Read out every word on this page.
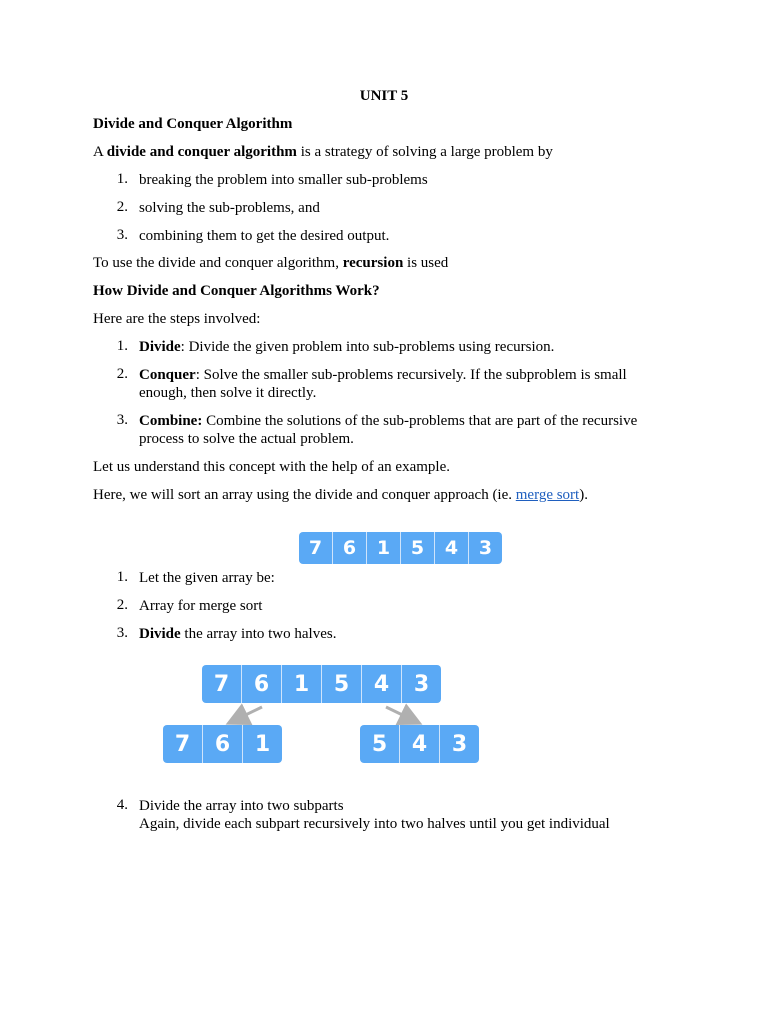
UNIT 5
Divide and Conquer Algorithm
A divide and conquer algorithm is a strategy of solving a large problem by
1. breaking the problem into smaller sub-problems
2. solving the sub-problems, and
3. combining them to get the desired output.
To use the divide and conquer algorithm, recursion is used
How Divide and Conquer Algorithms Work?
Here are the steps involved:
1. Divide: Divide the given problem into sub-problems using recursion.
2. Conquer: Solve the smaller sub-problems recursively. If the subproblem is small enough, then solve it directly.
3. Combine: Combine the solutions of the sub-problems that are part of the recursive process to solve the actual problem.
Let us understand this concept with the help of an example.
Here, we will sort an array using the divide and conquer approach (ie. merge sort).
7	6	1	5	4	3
1. Let the given array be:
2. Array for merge sort
3. Divide the array into two halves.
7	6	1	5	4	3
7	6	1	5	4	3
4. Divide the array into two subparts
Again, divide each subpart recursively into two halves until you get individual
